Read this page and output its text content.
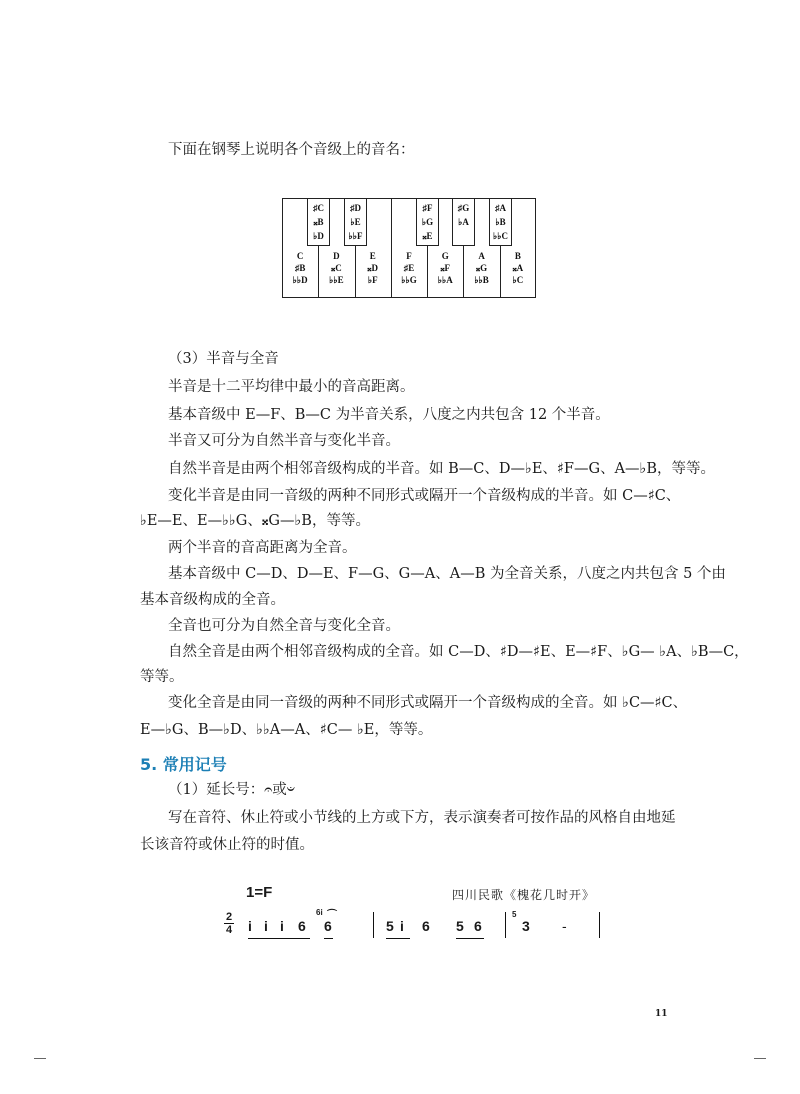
下面在钢琴上说明各个音级上的音名：
C
♯B
♭♭D
D
𝄪C
♭♭E
E
𝄪D
♭F
F
♯E
♭♭G
G
𝄪F
♭♭A
A
𝄪G
♭♭B
B
𝄪A
♭C
♯C
𝄪B
♭D
♯D
♭E
♭♭F
♯F
♭G
𝄪E
♯G
♭A
♯A
♭B
♭♭C
（3）半音与全音
半音是十二平均律中最小的音高距离。
基本音级中 E—F、B—C 为半音关系，八度之内共包含 12 个半音。
半音又可分为自然半音与变化半音。
自然半音是由两个相邻音级构成的半音。如 B—C、D—♭E、♯F—G、A—♭B，等等。
变化半音是由同一音级的两种不同形式或隔开一个音级构成的半音。如 C—♯C、
♭E—E、E—♭♭G、𝄪G—♭B，等等。
两个半音的音高距离为全音。
基本音级中 C—D、D—E、F—G、G—A、A—B 为全音关系，八度之内共包含 5 个由
基本音级构成的全音。
全音也可分为自然全音与变化全音。
自然全音是由两个相邻音级构成的全音。如 C—D、♯D—♯E、E—♯F、♭G— ♭A、♭B—C，
等等。
变化全音是由同一音级的两种不同形式或隔开一个音级构成的全音。如 ♭C—♯C、
E—♭G、B—♭D、♭♭A—A、♯C— ♭E，等等。
5. 常用记号
（1）延长号：𝄐或𝄑
写在音符、休止符或小节线的上方或下方，表示演奏者可按作品的风格自由地延
长该音符或休止符的时值。
1=F	四川民歌《槐花几时开》
2
4 i i i 6
6i ⌒
6	5 i 6 5 6
5
3 -
11
